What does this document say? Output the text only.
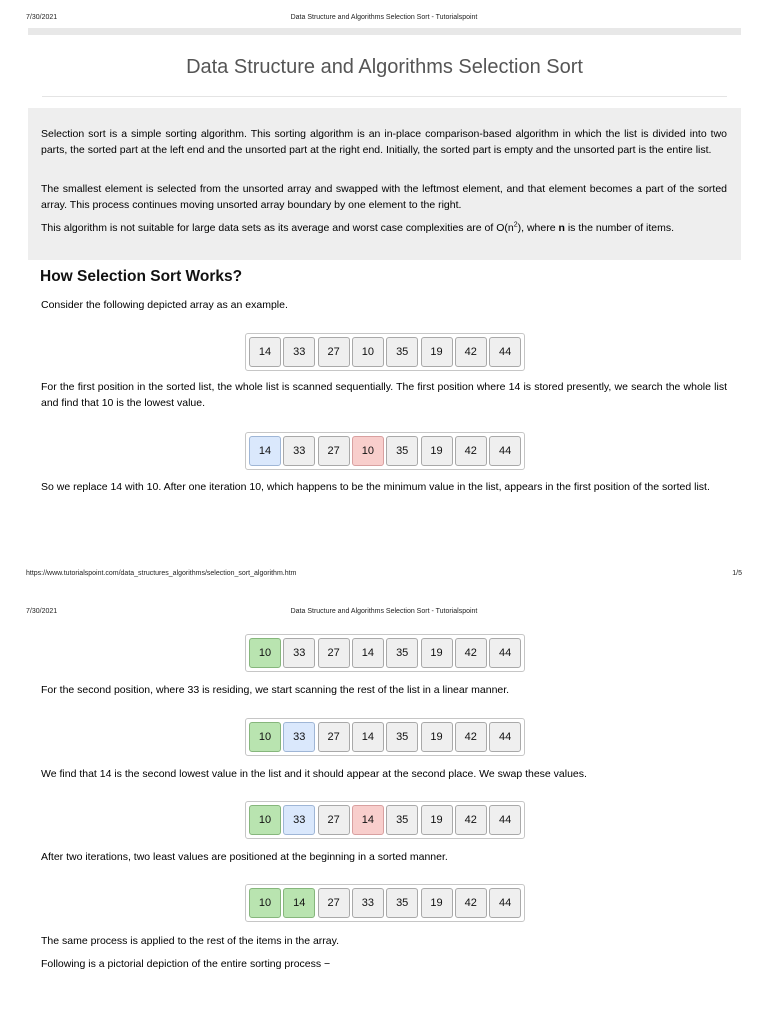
7/30/2021	Data Structure and Algorithms Selection Sort - Tutorialspoint
Data Structure and Algorithms Selection Sort

Selection sort is a simple sorting algorithm. This sorting algorithm is an in-place comparison-based algorithm in which the list is divided into two parts, the sorted part at the left end and the unsorted part at the right end. Initially, the sorted part is empty and the unsorted part is the entire list.

The smallest element is selected from the unsorted array and swapped with the leftmost element, and that element becomes a part of the sorted array. This process continues moving unsorted array boundary by one element to the right.

This algorithm is not suitable for large data sets as its average and worst case complexities are of $O(n^2)$, where n is the number of items.

How Selection Sort Works?

Consider the following depicted array as an example.

14	33	27	10	35	19	42	44

For the first position in the sorted list, the whole list is scanned sequentially. The first position where 14 is stored presently, we search the whole list and find that 10 is the lowest value.

14	33	27	10	35	19	42	44

So we replace 14 with 10. After one iteration 10, which happens to be the minimum value in the list, appears in the first position of the sorted list.

https://www.tutorialspoint.com/data_structures_algorithms/selection_sort_algorithm.htm	1/5
7/30/2021	Data Structure and Algorithms Selection Sort - Tutorialspoint
10	33	27	14	35	19	42	44

For the second position, where 33 is residing, we start scanning the rest of the list in a linear manner.

10	33	27	14	35	19	42	44

We find that 14 is the second lowest value in the list and it should appear at the second place. We swap these values.

10	33	27	14	35	19	42	44

After two iterations, two least values are positioned at the beginning in a sorted manner.

10	14	27	33	35	19	42	44

The same process is applied to the rest of the items in the array.

Following is a pictorial depiction of the entire sorting process −
